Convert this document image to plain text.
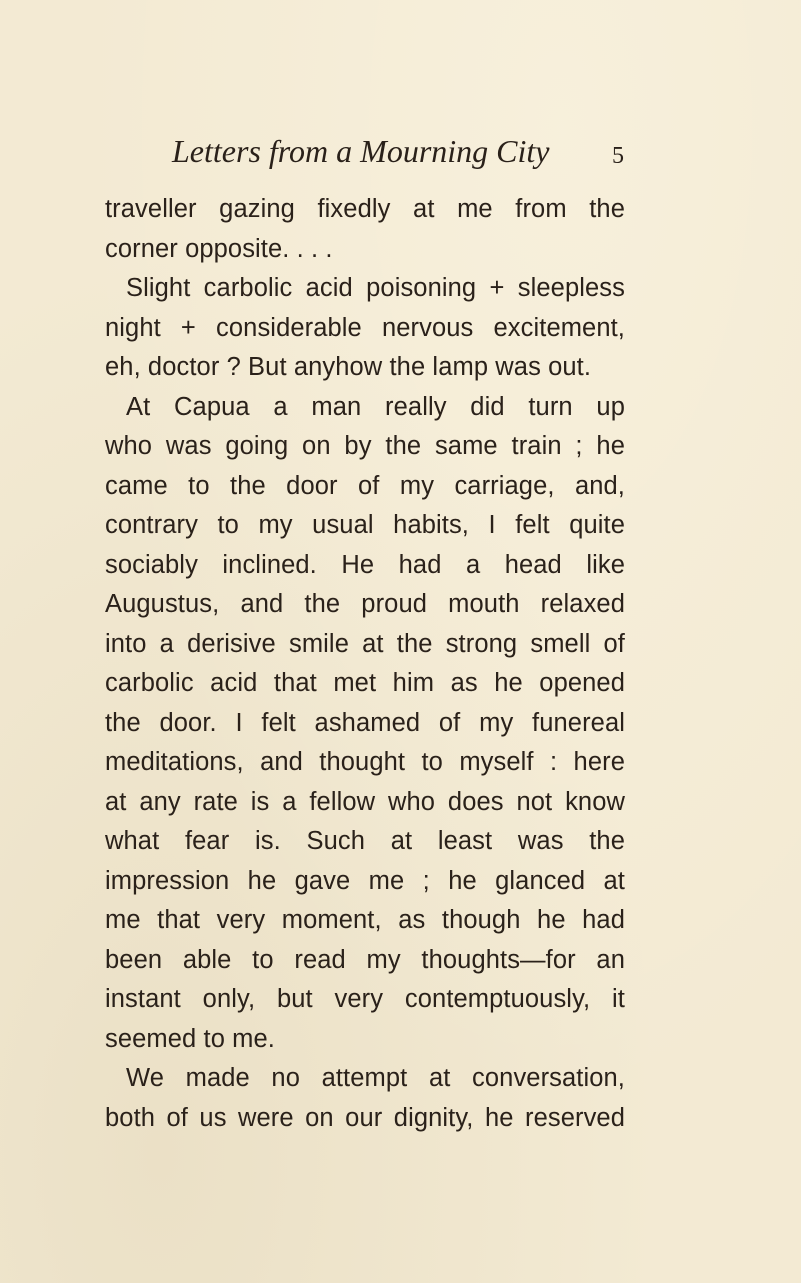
Letters from a Mourning City	5
traveller gazing fixedly at me from the
corner opposite. . . .
Slight carbolic acid poisoning + sleepless
night + considerable nervous excitement,
eh, doctor ? But anyhow the lamp was out.
At Capua a man really did turn up
who was going on by the same train ; he
came to the door of my carriage, and,
contrary to my usual habits, I felt quite
sociably inclined. He had a head like
Augustus, and the proud mouth relaxed
into a derisive smile at the strong smell of
carbolic acid that met him as he opened
the door. I felt ashamed of my funereal
meditations, and thought to myself : here
at any rate is a fellow who does not know
what fear is. Such at least was the
impression he gave me ; he glanced at
me that very moment, as though he had
been able to read my thoughts—for an
instant only, but very contemptuously, it
seemed to me.
We made no attempt at conversation,
both of us were on our dignity, he reserved
